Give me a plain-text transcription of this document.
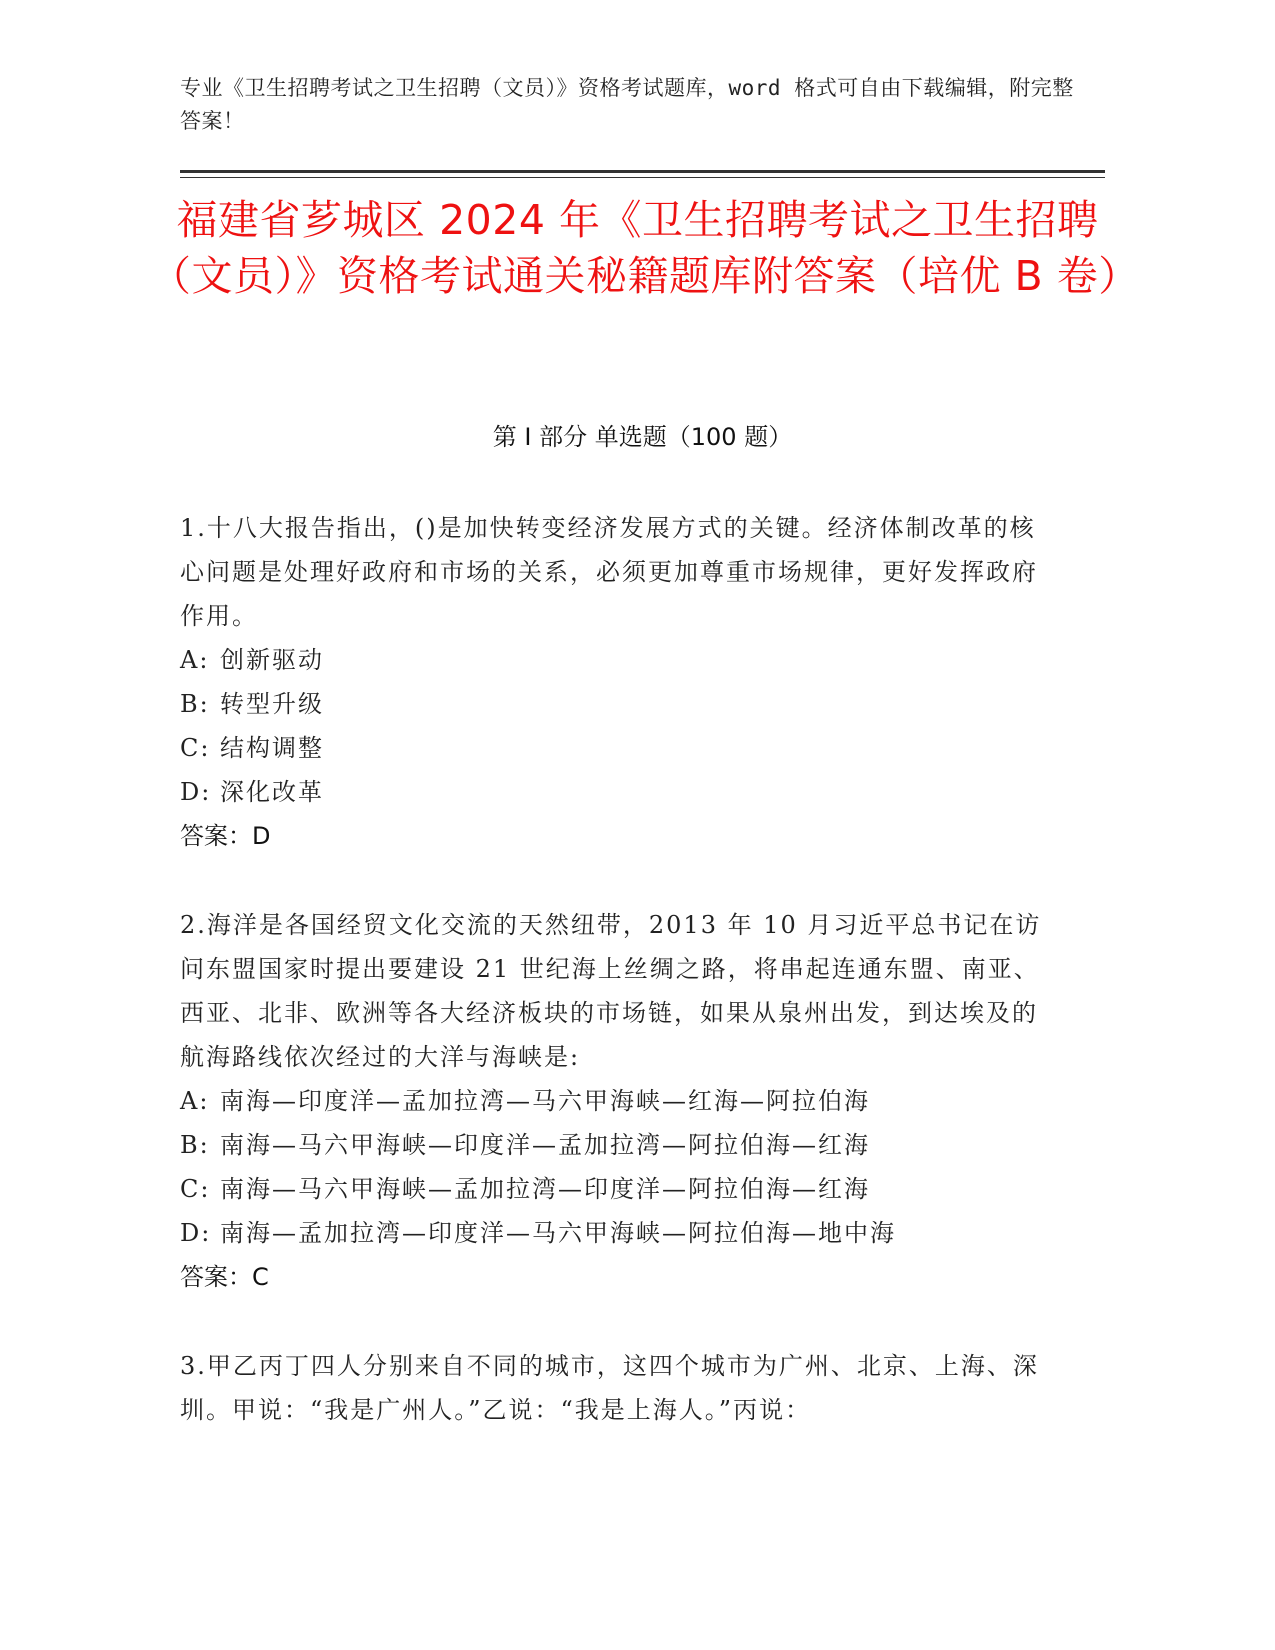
专业《卫生招聘考试之卫生招聘（文员）》资格考试题库，word 格式可自由下载编辑，附完整答案！
福建省芗城区 2024 年《卫生招聘考试之卫生招聘（文员）》资格考试通关秘籍题库附答案（培优 B 卷）
第 I 部分 单选题（100 题）
1.十八大报告指出，()是加快转变经济发展方式的关键。经济体制改革的核心问题是处理好政府和市场的关系，必须更加尊重市场规律，更好发挥政府作用。
A: 创新驱动
B: 转型升级
C: 结构调整
D: 深化改革
答案：D
2.海洋是各国经贸文化交流的天然纽带，2013 年 10 月习近平总书记在访问东盟国家时提出要建设 21 世纪海上丝绸之路，将串起连通东盟、南亚、西亚、北非、欧洲等各大经济板块的市场链，如果从泉州出发，到达埃及的航海路线依次经过的大洋与海峡是:
A: 南海—印度洋—孟加拉湾—马六甲海峡—红海—阿拉伯海
B: 南海—马六甲海峡—印度洋—孟加拉湾—阿拉伯海—红海
C: 南海—马六甲海峡—孟加拉湾—印度洋—阿拉伯海—红海
D: 南海—孟加拉湾—印度洋—马六甲海峡—阿拉伯海—地中海
答案：C
3.甲乙丙丁四人分别来自不同的城市，这四个城市为广州、北京、上海、深圳。甲说：“我是广州人。”乙说：“我是上海人。”丙说：
